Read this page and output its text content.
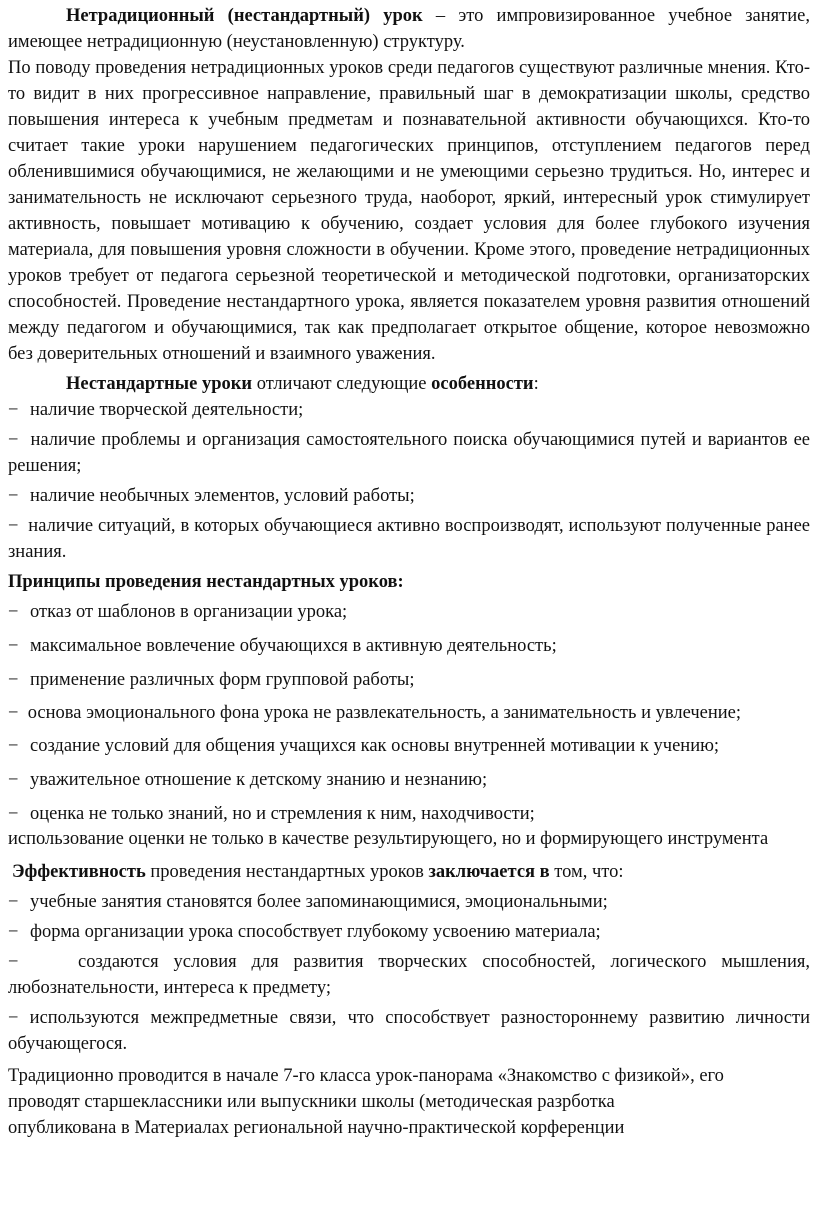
Нетрадиционный (нестандартный) урок – это импровизированное учебное занятие, имеющее нетрадиционную (неустановленную) структуру.

По поводу проведения нетрадиционных уроков среди педагогов существуют различные мнения. Кто-то видит в них прогрессивное направление, правильный шаг в демократизации школы, средство повышения интереса к учебным предметам и познавательной активности обучающихся. Кто-то считает такие уроки нарушением педагогических принципов, отступлением педагогов перед обленившимися обучающимися, не желающими и не умеющими серьезно трудиться. Но, интерес и занимательность не исключают серьезного труда, наоборот, яркий, интересный урок стимулирует активность, повышает мотивацию к обучению, создает условия для более глубокого изучения материала, для повышения уровня сложности в обучении. Кроме этого, проведение нетрадиционных уроков требует от педагога серьезной теоретической и методической подготовки, организаторских способностей. Проведение нестандартного урока, является показателем уровня развития отношений между педагогом и обучающимися, так как предполагает открытое общение, которое невозможно без доверительных отношений и взаимного уважения.

Нестандартные уроки отличают следующие особенности:

− наличие творческой деятельности;

− наличие проблемы и организация самостоятельного поиска обучающимися путей и вариантов ее решения;

− наличие необычных элементов, условий работы;

− наличие ситуаций, в которых обучающиеся активно воспроизводят, используют полученные ранее знания.

Принципы проведения нестандартных уроков:

− отказ от шаблонов в организации урока;
− максимальное вовлечение обучающихся в активную деятельность;
− применение различных форм групповой работы;

− основа эмоционального фона урока не развлекательность, а занимательность и увлечение;

− создание условий для общения учащихся как основы внутренней мотивации к учению;
− уважительное отношение к детскому знанию и незнанию;
− оценка не только знаний, но и стремления к ним, находчивости;

использование оценки не только в качестве результирующего, но и формирующего инструмента

Эффективность проведения нестандартных уроков заключается в том, что:

− учебные занятия становятся более запоминающимися, эмоциональными;
− форма организации урока способствует глубокому усвоению материала;

−	создаются условия для развития творческих способностей, логического мышления, любознательности, интереса к предмету;

− используются межпредметные связи, что способствует разностороннему развитию личности обучающегося.

Традиционно проводится в начале 7-го класса урок-панорама «Знакомство с физикой», его

проводят старшеклассники или выпускники школы (методическая разрботка

опубликована в Материалах региональной научно-практической корференции
